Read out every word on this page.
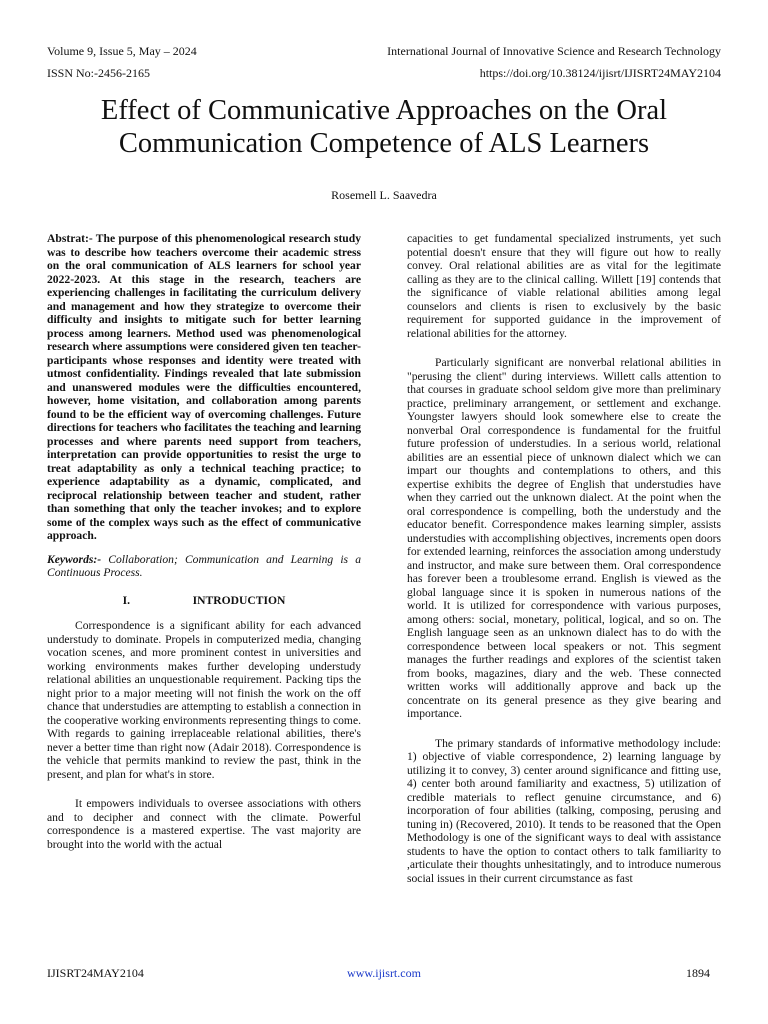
Volume 9, Issue 5, May – 2024	International Journal of Innovative Science and Research Technology
ISSN No:-2456-2165	https://doi.org/10.38124/ijisrt/IJISRT24MAY2104
Effect of Communicative Approaches on the Oral
Communication Competence of ALS Learners
Rosemell L. Saavedra

Abstrat:- The purpose of this phenomenological research study was to describe how teachers overcome their academic stress on the oral communication of ALS learners for school year 2022-2023. At this stage in the research, teachers are experiencing challenges in facilitating the curriculum delivery and management and how they strategize to overcome their difficulty and insights to mitigate such for better learning process among learners. Method used was phenomenological research where assumptions were considered given ten teacher-participants whose responses and identity were treated with utmost confidentiality. Findings revealed that late submission and unanswered modules were the difficulties encountered, however, home visitation, and collaboration among parents found to be the efficient way of overcoming challenges. Future directions for teachers who facilitates the teaching and learning processes and where parents need support from teachers, interpretation can provide opportunities to resist the urge to treat adaptability as only a technical teaching practice; to experience adaptability as a dynamic, complicated, and reciprocal relationship between teacher and student, rather than something that only the teacher invokes; and to explore some of the complex ways such as the effect of communicative approach.

Keywords:- Collaboration; Communication and Learning is a Continuous Process.

I.	INTRODUCTION

Correspondence is a significant ability for each advanced understudy to dominate. Propels in computerized media, changing vocation scenes, and more prominent contest in universities and working environments makes further developing understudy relational abilities an unquestionable requirement. Packing tips the night prior to a major meeting will not finish the work on the off chance that understudies are attempting to establish a connection in the cooperative working environments representing things to come. With regards to gaining irreplaceable relational abilities, there's never a better time than right now (Adair 2018). Correspondence is the vehicle that permits mankind to review the past, think in the present, and plan for what's in store.

It empowers individuals to oversee associations with others and to decipher and connect with the climate. Powerful correspondence is a mastered expertise. The vast majority are brought into the world with the actual

capacities to get fundamental specialized instruments, yet such potential doesn't ensure that they will figure out how to really convey. Oral relational abilities are as vital for the legitimate calling as they are to the clinical calling. Willett [19] contends that the significance of viable relational abilities among legal counselors and clients is risen to exclusively by the basic requirement for supported guidance in the improvement of relational abilities for the attorney.

Particularly significant are nonverbal relational abilities in "perusing the client" during interviews. Willett calls attention to that courses in graduate school seldom give more than preliminary practice, preliminary arrangement, or settlement and exchange. Youngster lawyers should look somewhere else to create the nonverbal Oral correspondence is fundamental for the fruitful future profession of understudies. In a serious world, relational abilities are an essential piece of unknown dialect which we can impart our thoughts and contemplations to others, and this expertise exhibits the degree of English that understudies have when they carried out the unknown dialect. At the point when the oral correspondence is compelling, both the understudy and the educator benefit. Correspondence makes learning simpler, assists understudies with accomplishing objectives, increments open doors for extended learning, reinforces the association among understudy and instructor, and make sure between them. Oral correspondence has forever been a troublesome errand. English is viewed as the global language since it is spoken in numerous nations of the world. It is utilized for correspondence with various purposes, among others: social, monetary, political, logical, and so on. The English language seen as an unknown dialect has to do with the correspondence between local speakers or not. This segment manages the further readings and explores of the scientist taken from books, magazines, diary and the web. These connected written works will additionally approve and back up the concentrate on its general presence as they give bearing and importance.

The primary standards of informative methodology include: 1) objective of viable correspondence, 2) learning language by utilizing it to convey, 3) center around significance and fitting use, 4) center both around familiarity and exactness, 5) utilization of credible materials to reflect genuine circumstance, and 6) incorporation of four abilities (talking, composing, perusing and tuning in) (Recovered, 2010). It tends to be reasoned that the Open Methodology is one of the significant ways to deal with assistance students to have the option to contact others to talk familiarity to ,articulate their thoughts unhesitatingly, and to introduce numerous social issues in their current circumstance as fast

IJISRT24MAY2104	www.ijisrt.com	1894
